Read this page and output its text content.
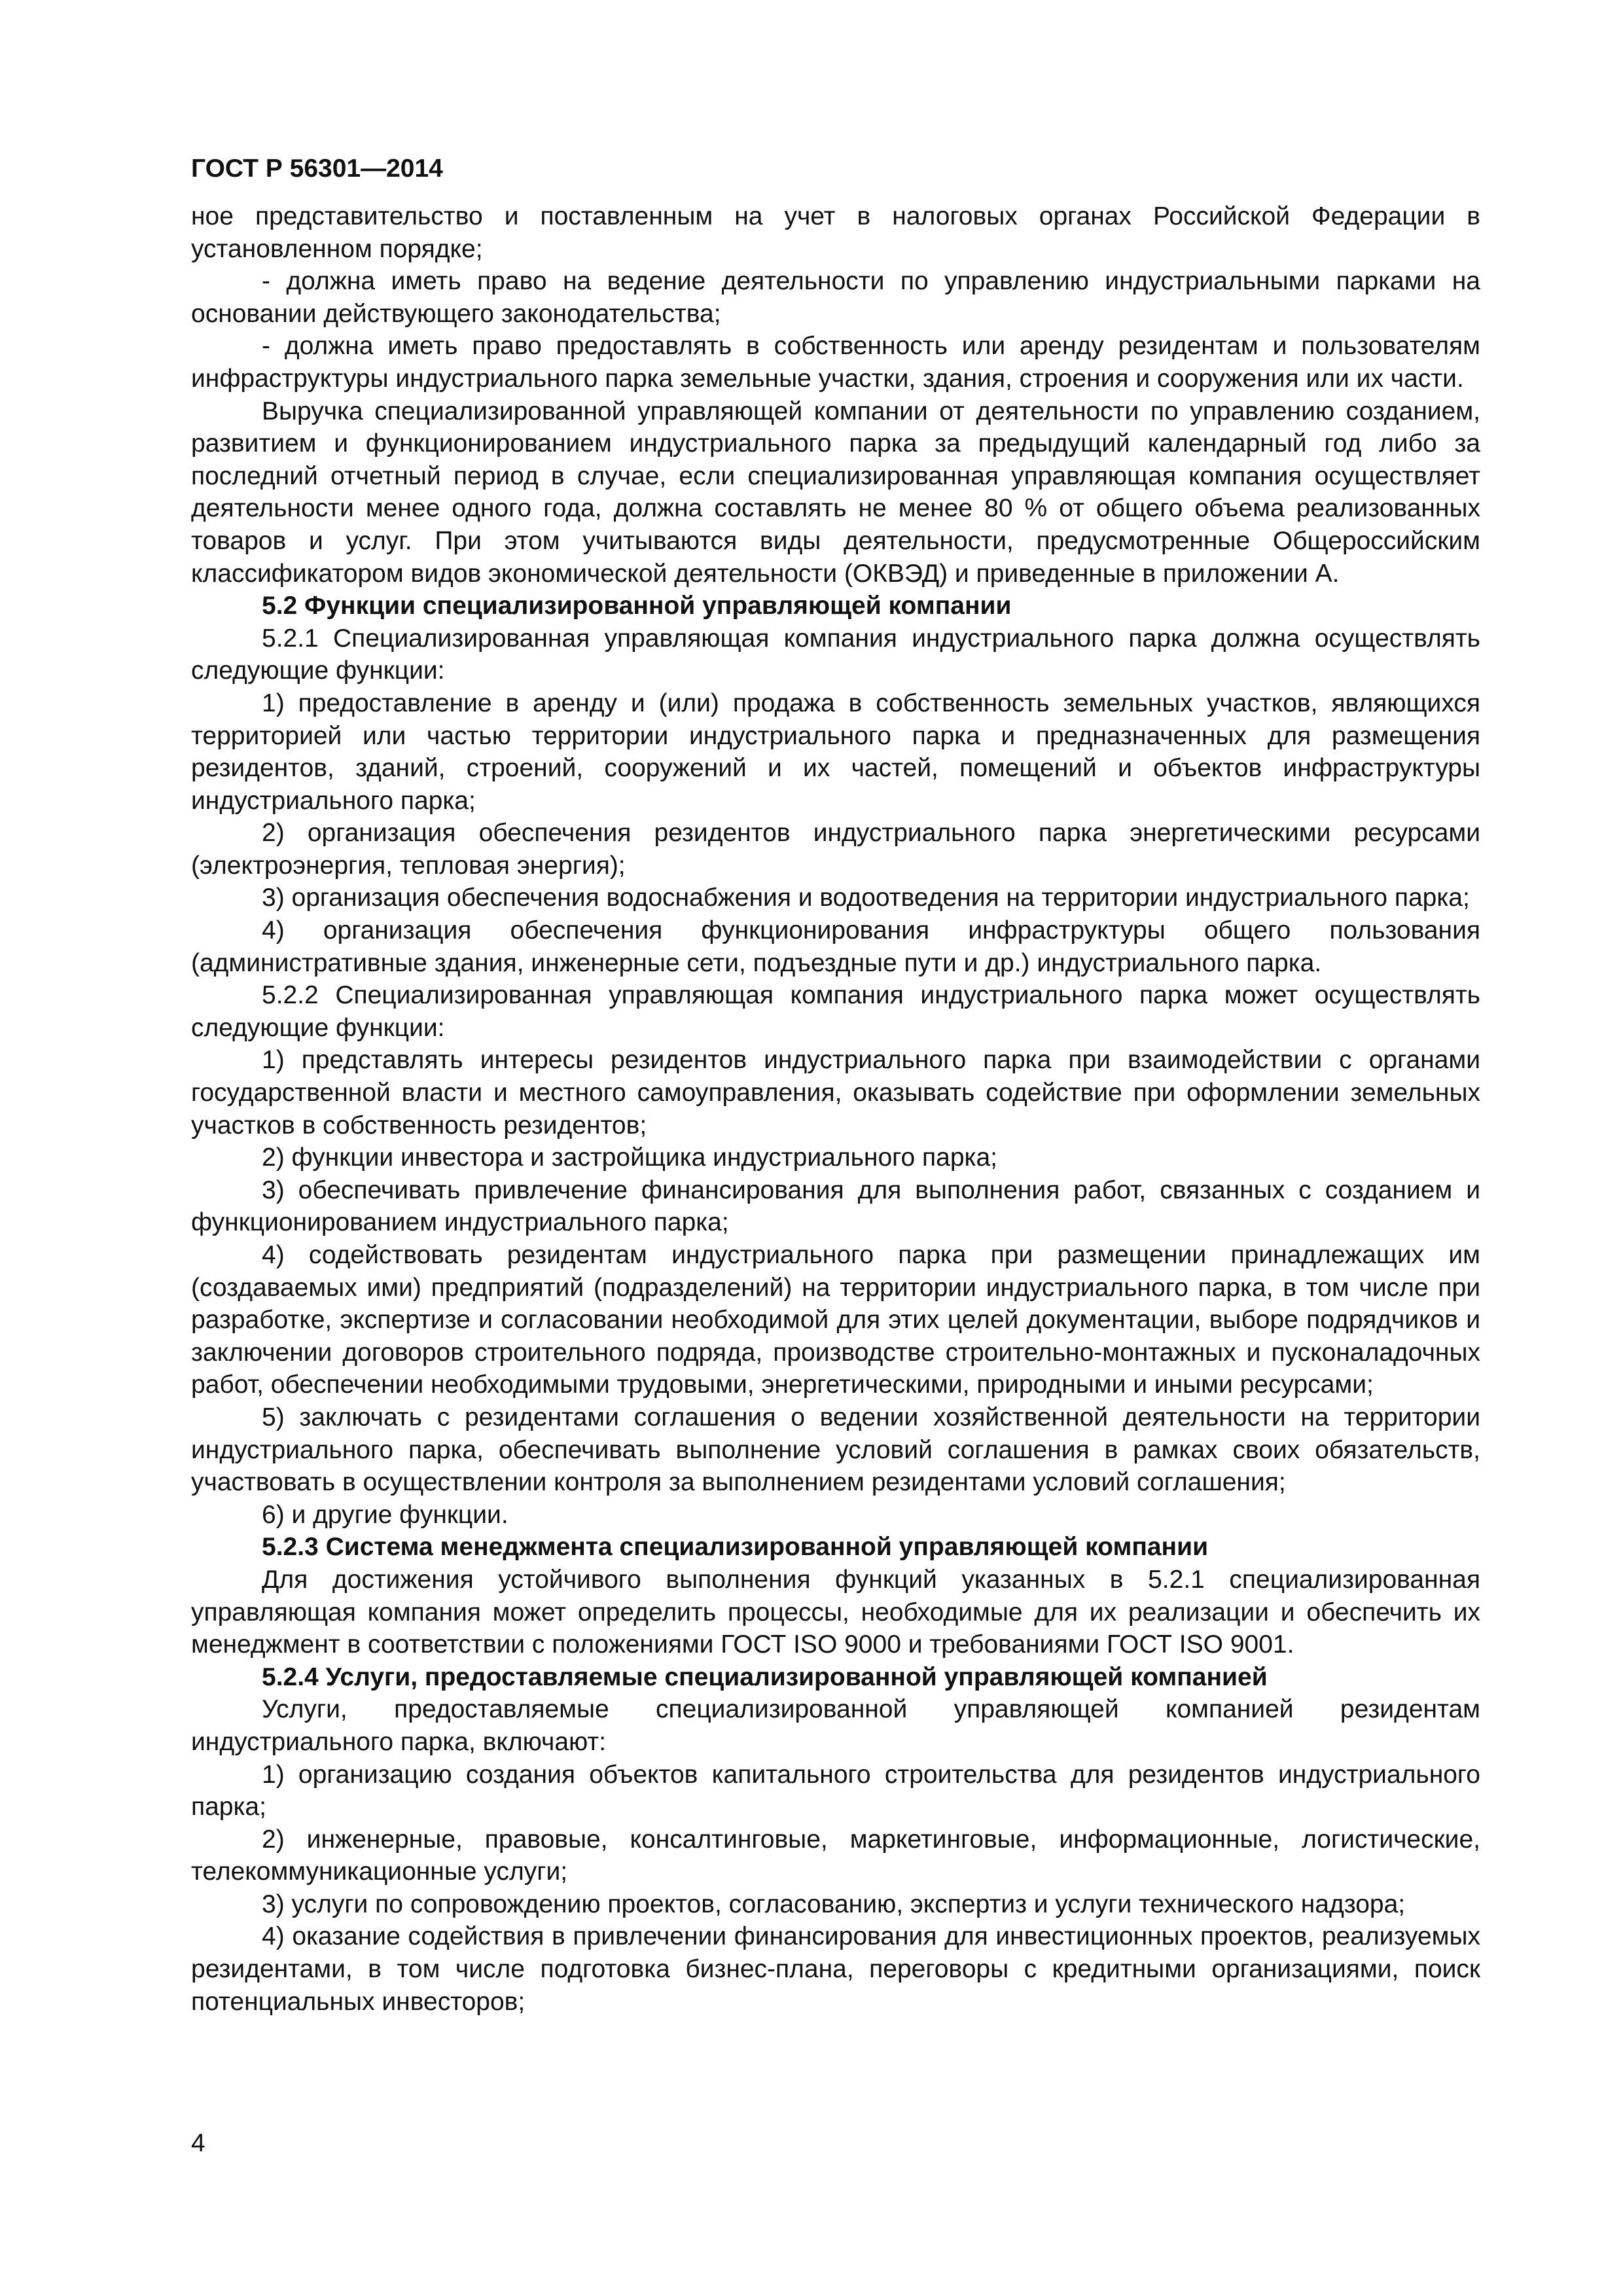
ГОСТ Р 56301—2014

ное представительство и поставленным на учет в налоговых органах Российской Федерации в установленном порядке;

- должна иметь право на ведение деятельности по управлению индустриальными парками на основании действующего законодательства;

- должна иметь право предоставлять в собственность или аренду резидентам и пользователям инфраструктуры индустриального парка земельные участки, здания, строения и сооружения или их части.

Выручка специализированной управляющей компании от деятельности по управлению созданием, развитием и функционированием индустриального парка за предыдущий календарный год либо за последний отчетный период в случае, если специализированная управляющая компания осуществляет деятельности менее одного года, должна составлять не менее 80 % от общего объема реализованных товаров и услуг. При этом учитываются виды деятельности, предусмотренные Общероссийским классификатором видов экономической деятельности (ОКВЭД) и приведенные в приложении А.

5.2 Функции специализированной управляющей компании

5.2.1 Специализированная управляющая компания индустриального парка должна осуществлять следующие функции:

1) предоставление в аренду и (или) продажа в собственность земельных участков, являющихся территорией или частью территории индустриального парка и предназначенных для размещения резидентов, зданий, строений, сооружений и их частей, помещений и объектов инфраструктуры индустриального парка;

2) организация обеспечения резидентов индустриального парка энергетическими ресурсами (электроэнергия, тепловая энергия);

3) организация обеспечения водоснабжения и водоотведения на территории индустриального парка;

4) организация обеспечения функционирования инфраструктуры общего пользования (административные здания, инженерные сети, подъездные пути и др.) индустриального парка.

5.2.2 Специализированная управляющая компания индустриального парка может осуществлять следующие функции:

1) представлять интересы резидентов индустриального парка при взаимодействии с органами государственной власти и местного самоуправления, оказывать содействие при оформлении земельных участков в собственность резидентов;

2) функции инвестора и застройщика индустриального парка;

3) обеспечивать привлечение финансирования для выполнения работ, связанных с созданием и функционированием индустриального парка;

4) содействовать резидентам индустриального парка при размещении принадлежащих им (создаваемых ими) предприятий (подразделений) на территории индустриального парка, в том числе при разработке, экспертизе и согласовании необходимой для этих целей документации, выборе подрядчиков и заключении договоров строительного подряда, производстве строительно-монтажных и пусконаладочных работ, обеспечении необходимыми трудовыми, энергетическими, природными и иными ресурсами;

5) заключать с резидентами соглашения о ведении хозяйственной деятельности на территории индустриального парка, обеспечивать выполнение условий соглашения в рамках своих обязательств, участвовать в осуществлении контроля за выполнением резидентами условий соглашения;

6) и другие функции.

5.2.3 Система менеджмента специализированной управляющей компании

Для достижения устойчивого выполнения функций указанных в 5.2.1 специализированная управляющая компания может определить процессы, необходимые для их реализации и обеспечить их менеджмент в соответствии с положениями ГОСТ ISO 9000 и требованиями ГОСТ ISO 9001.

5.2.4 Услуги, предоставляемые специализированной управляющей компанией

Услуги, предоставляемые специализированной управляющей компанией резидентам индустриального парка, включают:

1) организацию создания объектов капитального строительства для резидентов индустриального парка;

2) инженерные, правовые, консалтинговые, маркетинговые, информационные, логистические, телекоммуникационные услуги;

3) услуги по сопровождению проектов, согласованию, экспертиз и услуги технического надзора;

4) оказание содействия в привлечении финансирования для инвестиционных проектов, реализуемых резидентами, в том числе подготовка бизнес-плана, переговоры с кредитными организациями, поиск потенциальных инвесторов;

4
